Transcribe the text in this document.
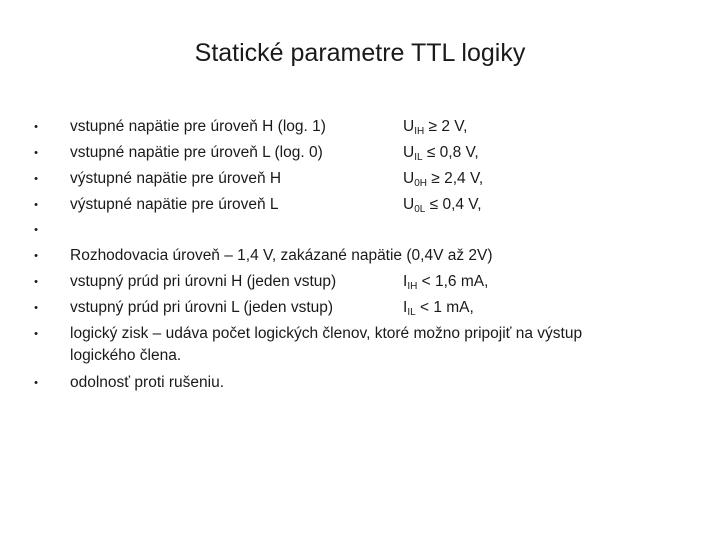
Statické parametre TTL logiky
• vstupné napätie pre úroveň H (log. 1)	$U_{IH} \ge 2$ V,
• vstupné napätie pre úroveň L (log. 0)	$U_{IL} \le 0,8$ V,
• výstupné napätie pre úroveň H	$U_{0H} \ge 2,4$ V,
• výstupné napätie pre úroveň L	$U_{0L} \le 0,4$ V,
•
• Rozhodovacia úroveň – 1,4 V, zakázané napätie (0,4V až 2V)
• vstupný prúd pri úrovni H (jeden vstup)	$I_{IH} < 1,6$ mA,
• vstupný prúd pri úrovni L (jeden vstup)	$I_{IL} < 1$ mA,
• logický zisk – udáva počet logických členov, ktoré možno pripojiť na výstup
logického člena.
• odolnosť proti rušeniu.
